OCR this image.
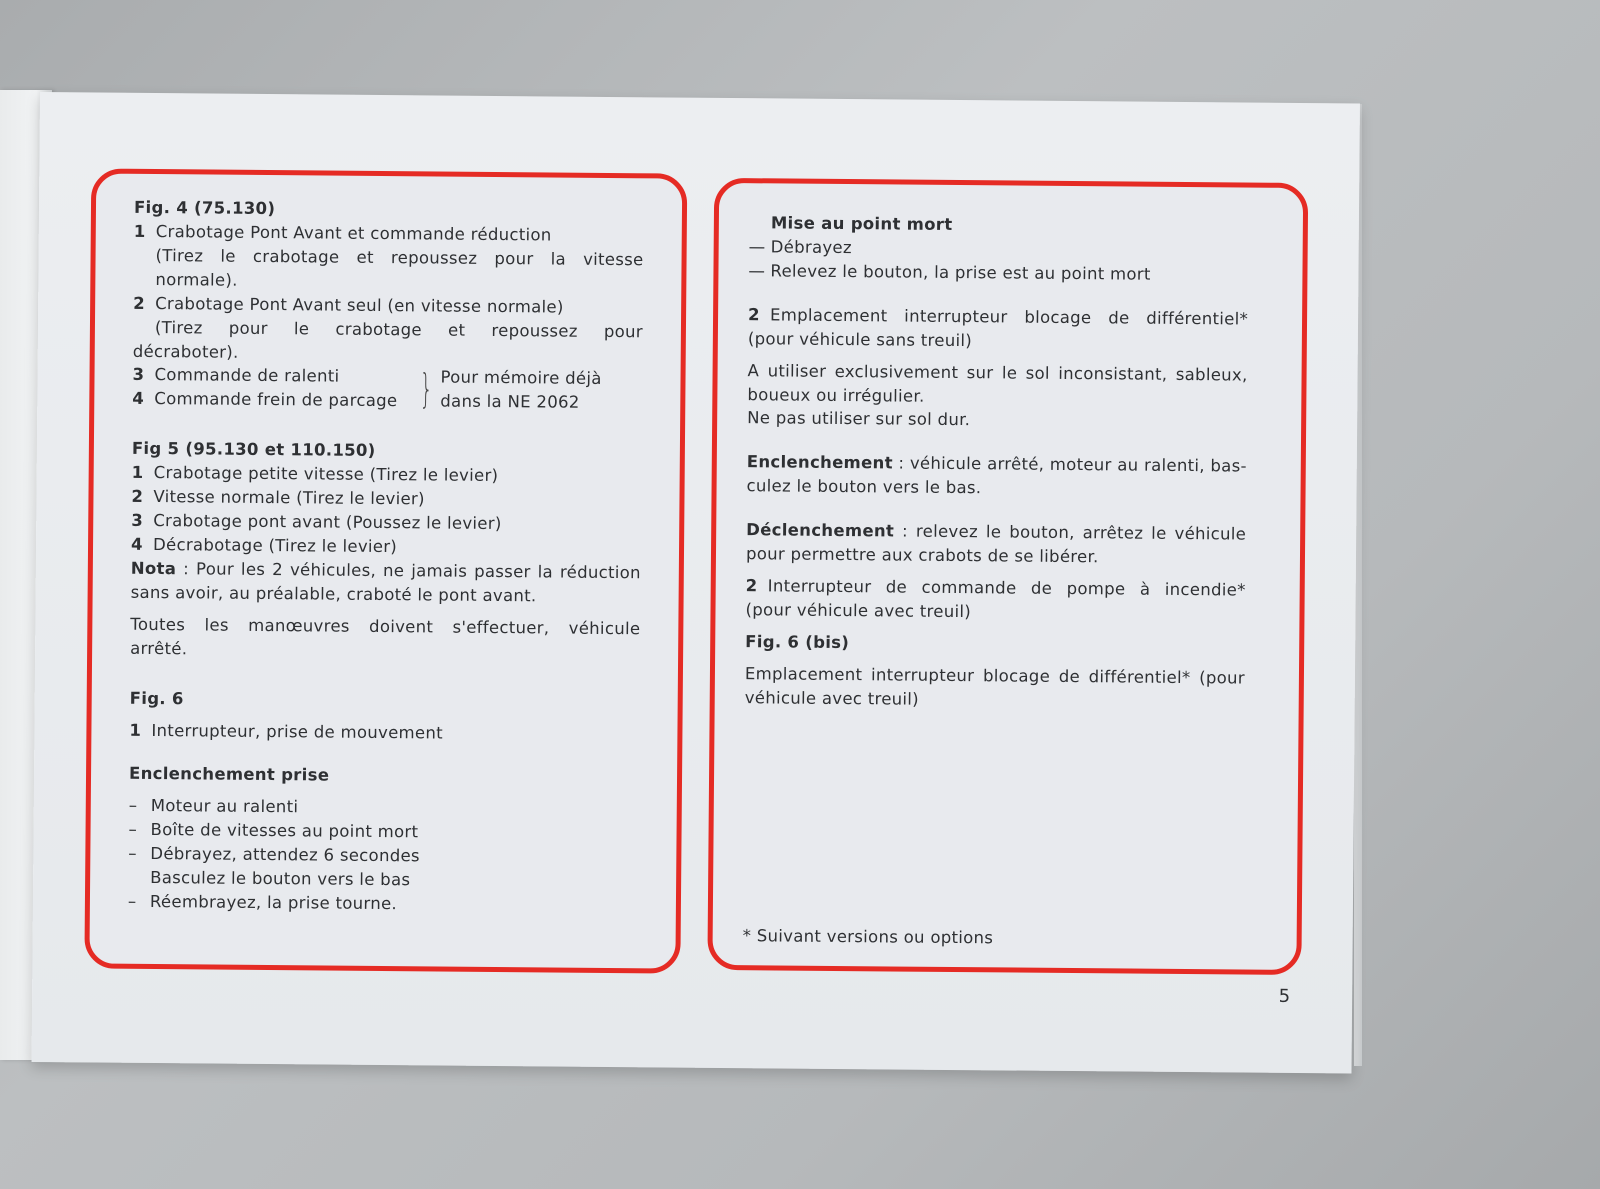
Fig. 4 (75.130)
1 Crabotage Pont Avant et commande réduction
(Tirez le crabotage et repoussez pour la vitesse
normale).
2 Crabotage Pont Avant seul (en vitesse normale)
(Tirez pour le crabotage et repoussez pour
décraboter).
3 Commande de ralenti
4 Commande frein de parcage } Pour mémoire déjà
dans la NE 2062
Fig 5 (95.130 et 110.150)
1 Crabotage petite vitesse (Tirez le levier)
2 Vitesse normale (Tirez le levier)
3 Crabotage pont avant (Poussez le levier)
4 Décrabotage (Tirez le levier)
Nota : Pour les 2 véhicules, ne jamais passer la réduction
sans avoir, au préalable, craboté le pont avant.
Toutes les manœuvres doivent s'effectuer, véhicule
arrêté.
Fig. 6
1 Interrupteur, prise de mouvement
Enclenchement prise
– Moteur au ralenti
– Boîte de vitesses au point mort
– Débrayez, attendez 6 secondes
Basculez le bouton vers le bas
– Réembrayez, la prise tourne.
Mise au point mort
— Débrayez
— Relevez le bouton, la prise est au point mort
2 Emplacement interrupteur blocage de différentiel*
(pour véhicule sans treuil)
A utiliser exclusivement sur le sol inconsistant, sableux,
boueux ou irrégulier.
Ne pas utiliser sur sol dur.
Enclenchement : véhicule arrêté, moteur au ralenti, bas-
culez le bouton vers le bas.
Déclenchement : relevez le bouton, arrêtez le véhicule
pour permettre aux crabots de se libérer.
2 Interrupteur de commande de pompe à incendie*
(pour véhicule avec treuil)
Fig. 6 (bis)
Emplacement interrupteur blocage de différentiel* (pour
véhicule avec treuil)
* Suivant versions ou options
5
